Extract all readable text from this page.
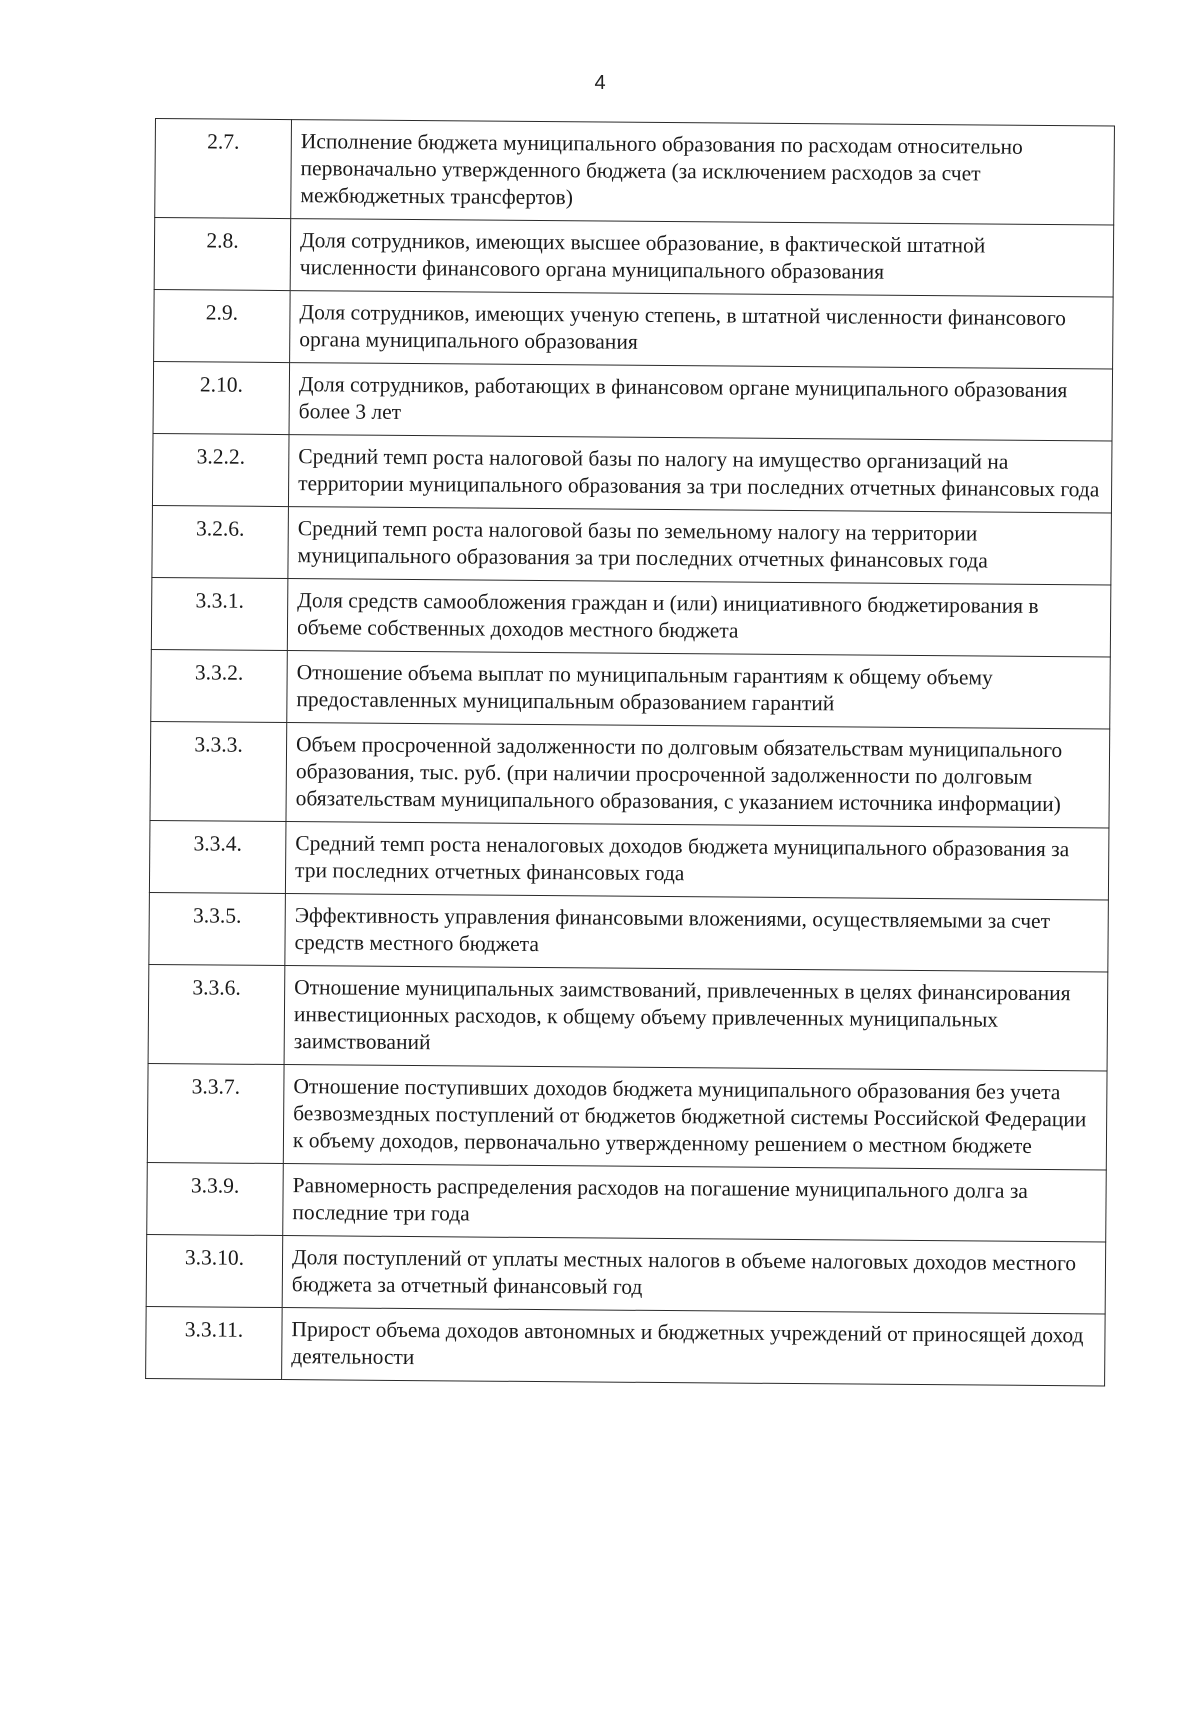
4
2.7.	Исполнение бюджета муниципального образования по расходам относительно первоначально утвержденного бюджета (за исключением расходов за счет межбюджетных трансфертов)
2.8.	Доля сотрудников, имеющих высшее образование, в фактической штатной численности финансового органа муниципального образования
2.9.	Доля сотрудников, имеющих ученую степень, в штатной численности финансового органа муниципального образования
2.10.	Доля сотрудников, работающих в финансовом органе муниципального образования более 3 лет
3.2.2.	Средний темп роста налоговой базы по налогу на имущество организаций на территории муниципального образования за три последних отчетных финансовых года
3.2.6.	Средний темп роста налоговой базы по земельному налогу на территории муниципального образования за три последних отчетных финансовых года
3.3.1.	Доля средств самообложения граждан и (или) инициативного бюджетирования в объеме собственных доходов местного бюджета
3.3.2.	Отношение объема выплат по муниципальным гарантиям к общему объему предоставленных муниципальным образованием гарантий
3.3.3.	Объем просроченной задолженности по долговым обязательствам муниципального образования, тыс. руб. (при наличии просроченной задолженности по долговым обязательствам муниципального образования, с указанием источника информации)
3.3.4.	Средний темп роста неналоговых доходов бюджета муниципального образования за три последних отчетных финансовых года
3.3.5.	Эффективность управления финансовыми вложениями, осуществляемыми за счет средств местного бюджета
3.3.6.	Отношение муниципальных заимствований, привлеченных в целях финансирования инвестиционных расходов, к общему объему привлеченных муниципальных заимствований
3.3.7.	Отношение поступивших доходов бюджета муниципального образования без учета безвозмездных поступлений от бюджетов бюджетной системы Российской Федерации к объему доходов, первоначально утвержденному решением о местном бюджете
3.3.9.	Равномерность распределения расходов на погашение муниципального долга за последние три года
3.3.10.	Доля поступлений от уплаты местных налогов в объеме налоговых доходов местного бюджета за отчетный финансовый год
3.3.11.	Прирост объема доходов автономных и бюджетных учреждений от приносящей доход деятельности
